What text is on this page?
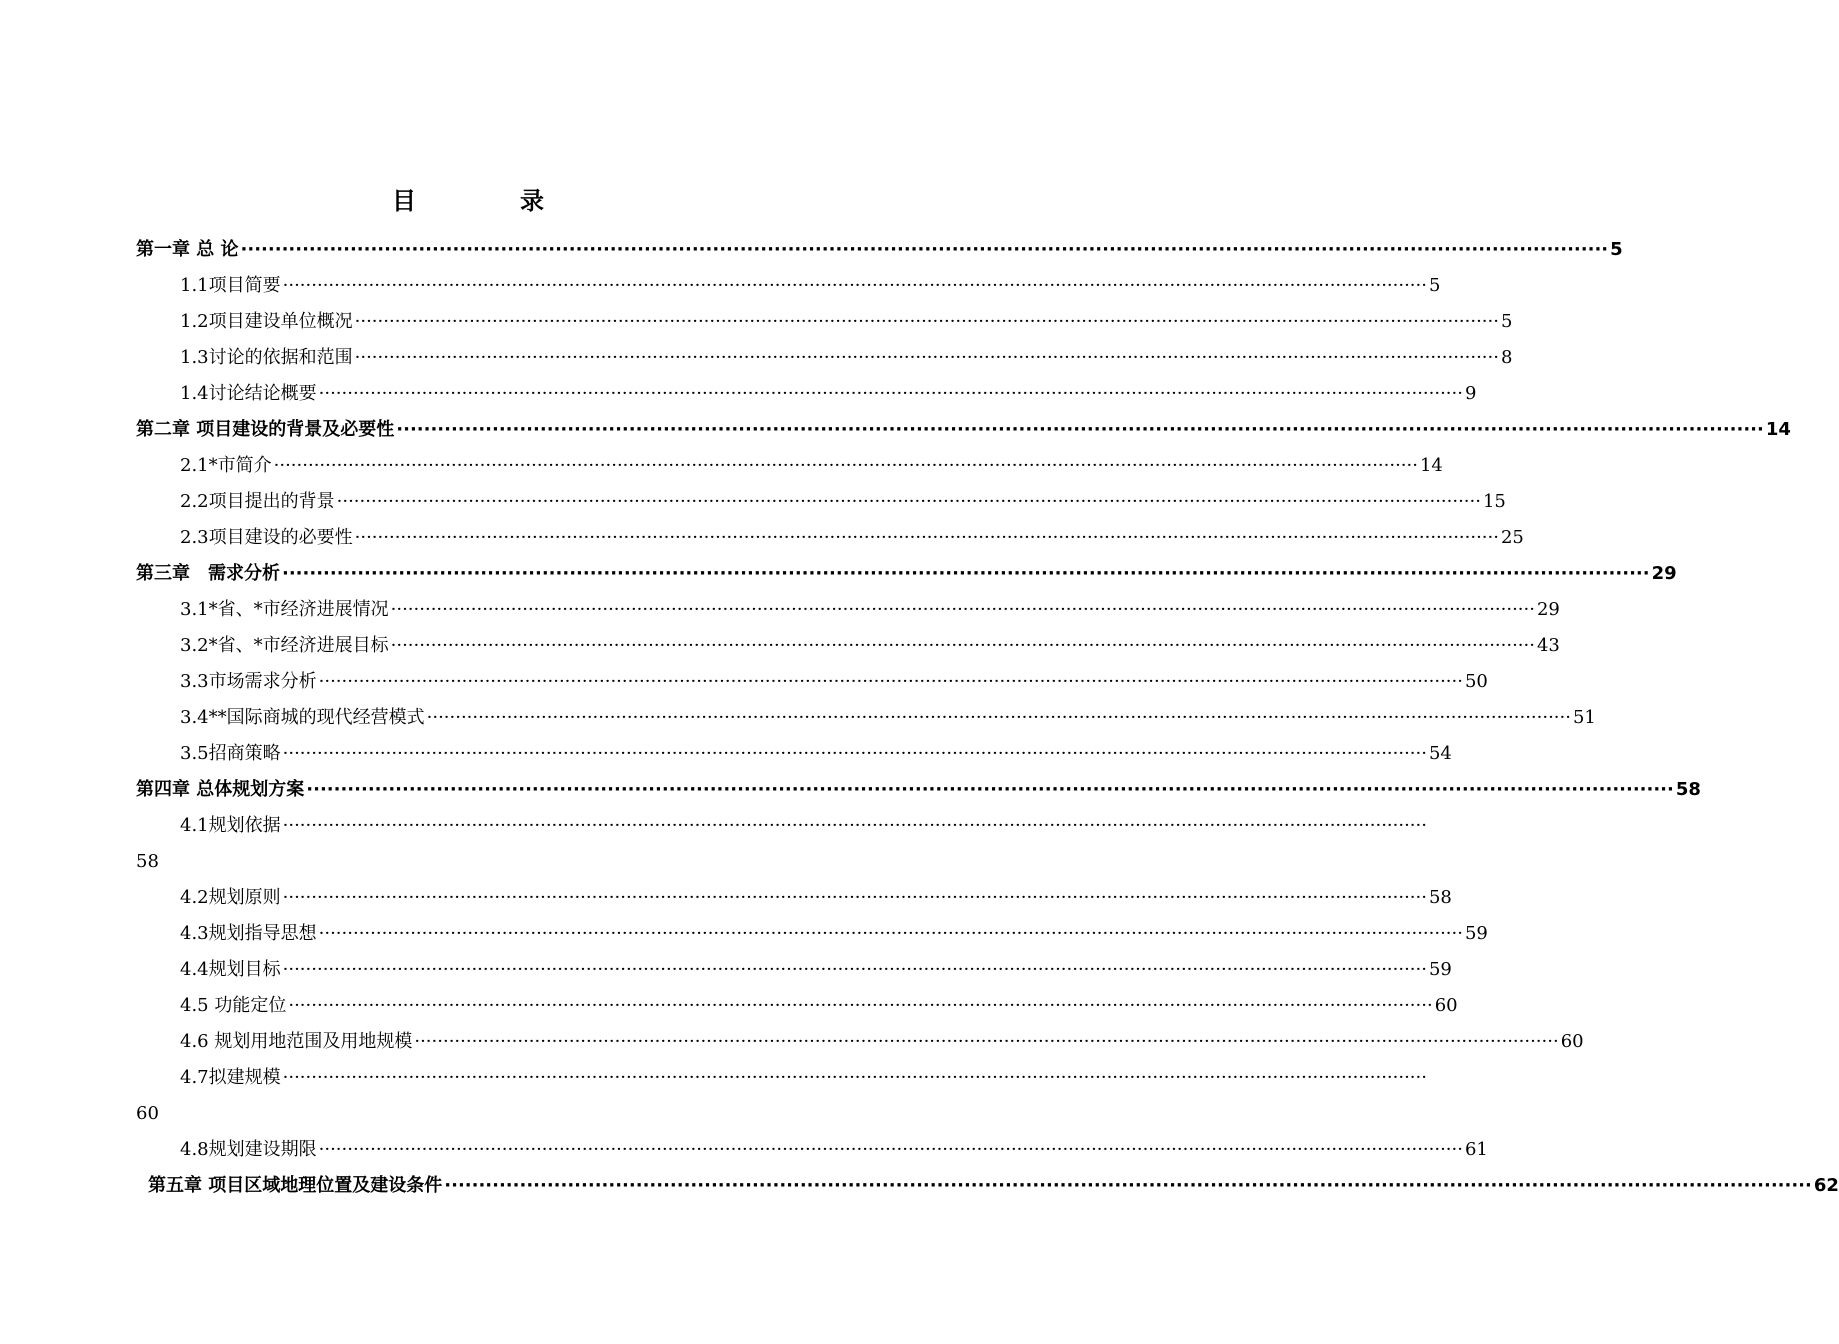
目　录
第一章 总 论 ········································································································································································································ 5
1.1项目简要 ········································································································································································································ 5
1.2项目建设单位概况 ········································································································································································································ 5
1.3讨论的依据和范围 ········································································································································································································ 8
1.4讨论结论概要 ········································································································································································································ 9
第二章 项目建设的背景及必要性 ········································································································································································································ 14
2.1*市简介 ········································································································································································································ 14
2.2项目提出的背景 ········································································································································································································ 15
2.3项目建设的必要性 ········································································································································································································ 25
第三章　需求分析 ········································································································································································································ 29
3.1*省、*市经济进展情况 ········································································································································································································ 29
3.2*省、*市经济进展目标 ········································································································································································································ 43
3.3市场需求分析 ········································································································································································································ 50
3.4**国际商城的现代经营模式 ········································································································································································································ 51
3.5招商策略 ········································································································································································································ 54
第四章 总体规划方案 ········································································································································································································ 58
4.1规划依据 ········································································································································································································
58
4.2规划原则 ········································································································································································································ 58
4.3规划指导思想 ········································································································································································································ 59
4.4规划目标 ········································································································································································································ 59
4.5 功能定位 ········································································································································································································ 60
4.6 规划用地范围及用地规模 ········································································································································································································ 60
4.7拟建规模 ········································································································································································································
60
4.8规划建设期限 ········································································································································································································ 61
第五章 项目区域地理位置及建设条件 ········································································································································································································ 62
